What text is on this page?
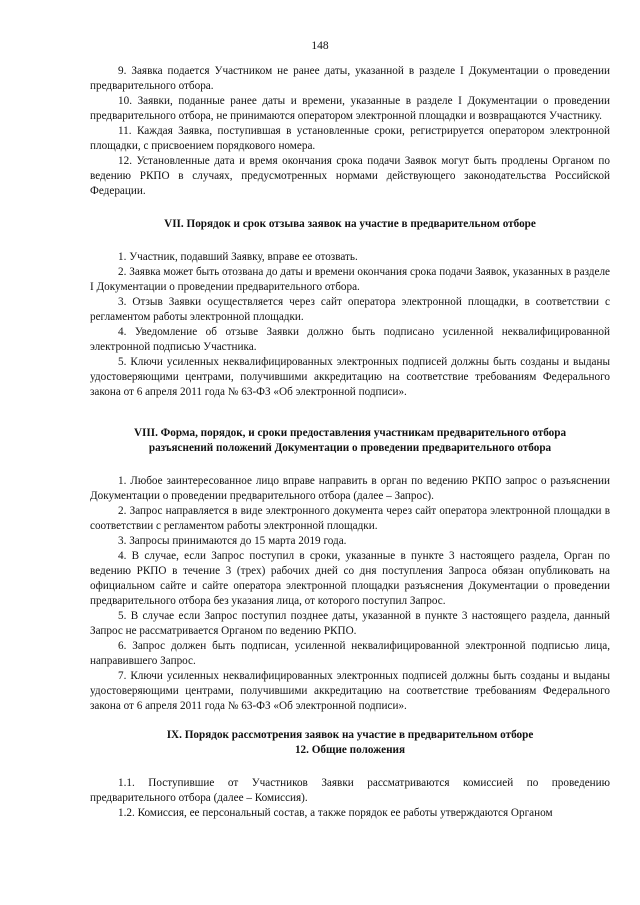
148

9. Заявка подается Участником не ранее даты, указанной в разделе I Документации о проведении предварительного отбора.

10. Заявки, поданные ранее даты и времени, указанные в разделе I Документации о проведении предварительного отбора, не принимаются оператором электронной площадки и возвращаются Участнику.

11. Каждая Заявка, поступившая в установленные сроки, регистрируется оператором электронной площадки, с присвоением порядкового номера.

12. Установленные дата и время окончания срока подачи Заявок могут быть продлены Органом по ведению РКПО в случаях, предусмотренных нормами действующего законодательства Российской Федерации.

VII. Порядок и срок отзыва заявок на участие в предварительном отборе

1. Участник, подавший Заявку, вправе ее отозвать.

2. Заявка может быть отозвана до даты и времени окончания срока подачи Заявок, указанных в разделе I Документации о проведении предварительного отбора.

3. Отзыв Заявки осуществляется через сайт оператора электронной площадки, в соответствии с регламентом работы электронной площадки.

4. Уведомление об отзыве Заявки должно быть подписано усиленной неквалифицированной электронной подписью Участника.

5. Ключи усиленных неквалифицированных электронных подписей должны быть созданы и выданы удостоверяющими центрами, получившими аккредитацию на соответствие требованиям Федерального закона от 6 апреля 2011 года № 63-ФЗ «Об электронной подписи».

VIII. Форма, порядок, и сроки предоставления участникам предварительного отбора

разъяснений положений Документации о проведении предварительного отбора

1. Любое заинтересованное лицо вправе направить в орган по ведению РКПО запрос о разъяснении Документации о проведении предварительного отбора (далее – Запрос).

2. Запрос направляется в виде электронного документа через сайт оператора электронной площадки в соответствии с регламентом работы электронной площадки.

3. Запросы принимаются до 15 марта 2019 года.

4. В случае, если Запрос поступил в сроки, указанные в пункте 3 настоящего раздела, Орган по ведению РКПО в течение 3 (трех) рабочих дней со дня поступления Запроса обязан опубликовать на официальном сайте и сайте оператора электронной площадки разъяснения Документации о проведении предварительного отбора без указания лица, от которого поступил Запрос.

5. В случае если Запрос поступил позднее даты, указанной в пункте 3 настоящего раздела, данный Запрос не рассматривается Органом по ведению РКПО.

6. Запрос должен быть подписан, усиленной неквалифицированной электронной подписью лица, направившего Запрос.

7. Ключи усиленных неквалифицированных электронных подписей должны быть созданы и выданы удостоверяющими центрами, получившими аккредитацию на соответствие требованиям Федерального закона от 6 апреля 2011 года № 63-ФЗ «Об электронной подписи».

IX. Порядок рассмотрения заявок на участие в предварительном отборе

12. Общие положения

1.1. Поступившие от Участников Заявки рассматриваются комиссией по проведению предварительного отбора (далее – Комиссия).

1.2. Комиссия, ее персональный состав, а также порядок ее работы утверждаются Органом
